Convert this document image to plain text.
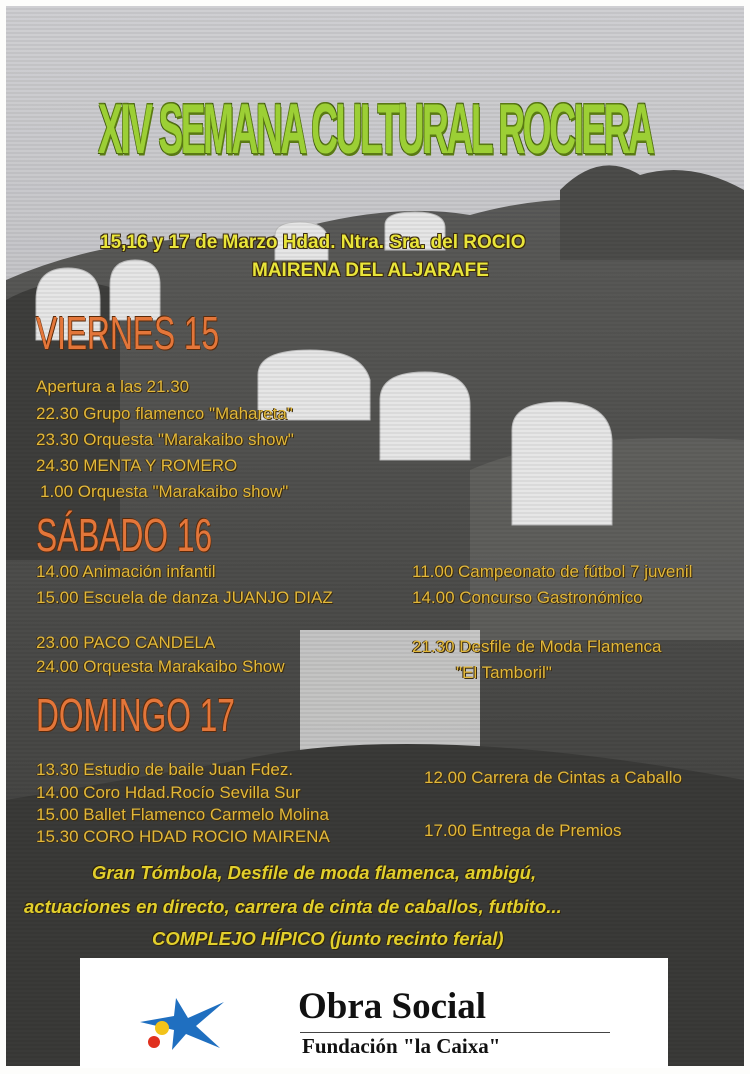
XIV SEMANA CULTURAL ROCIERA
15,16 y 17 de Marzo Hdad. Ntra. Sra. del ROCIO
MAIRENA DEL ALJARAFE
VIERNES 15
Apertura a las 21.30
22.30 Grupo flamenco "Mahareta"
23.30 Orquesta "Marakaibo show"
24.30 MENTA Y ROMERO
1.00 Orquesta "Marakaibo show"
SÁBADO 16
14.00 Animación infantil
15.00 Escuela de danza JUANJO DIAZ
23.00 PACO CANDELA
24.00 Orquesta Marakaibo Show
11.00 Campeonato de fútbol 7 juvenil
14.00 Concurso Gastronómico
21.30 Desfile de Moda Flamenca
"El Tamboril"
DOMINGO 17
13.30 Estudio de baile Juan Fdez.
14.00 Coro Hdad.Rocío Sevilla Sur
15.00 Ballet Flamenco Carmelo Molina
15.30 CORO HDAD ROCIO MAIRENA
12.00 Carrera de Cintas a Caballo
17.00 Entrega de Premios
Gran Tómbola, Desfile de moda flamenca, ambigú,
actuaciones en directo, carrera de cinta de caballos, futbito...
COMPLEJO HÍPICO (junto recinto ferial)
Obra Social
Fundación "la Caixa"
